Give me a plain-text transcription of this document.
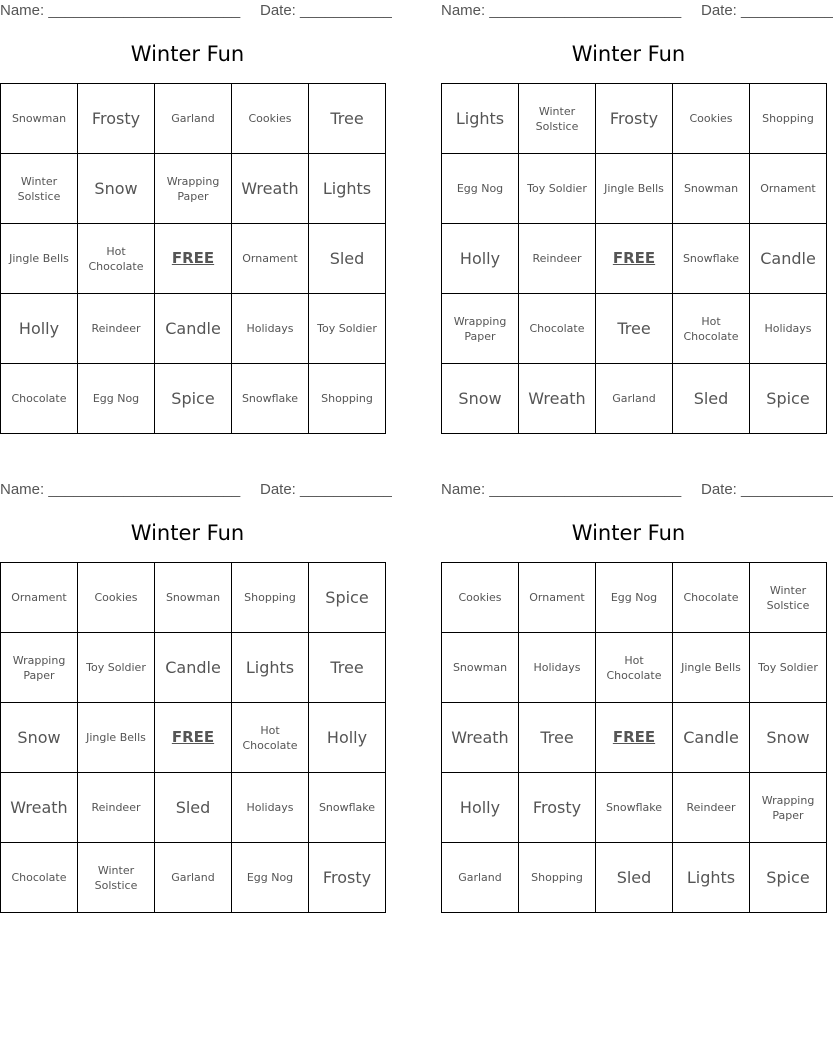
Name: _______________________ Date: ___________
Winter Fun
Snowman	Frosty	Garland	Cookies	Tree
Winter Solstice	Snow	Wrapping Paper	Wreath	Lights
Jingle Bells	Hot Chocolate	FREE	Ornament	Sled
Holly	Reindeer	Candle	Holidays	Toy Soldier
Chocolate	Egg Nog	Spice	Snowflake	Shopping
Name: _______________________ Date: ___________
Winter Fun
Lights	Winter Solstice	Frosty	Cookies	Shopping
Egg Nog	Toy Soldier	Jingle Bells	Snowman	Ornament
Holly	Reindeer	FREE	Snowflake	Candle
Wrapping Paper	Chocolate	Tree	Hot Chocolate	Holidays
Snow	Wreath	Garland	Sled	Spice
Name: _______________________ Date: ___________
Winter Fun
Ornament	Cookies	Snowman	Shopping	Spice
Wrapping Paper	Toy Soldier	Candle	Lights	Tree
Snow	Jingle Bells	FREE	Hot Chocolate	Holly
Wreath	Reindeer	Sled	Holidays	Snowflake
Chocolate	Winter Solstice	Garland	Egg Nog	Frosty
Name: _______________________ Date: ___________
Winter Fun
Cookies	Ornament	Egg Nog	Chocolate	Winter Solstice
Snowman	Holidays	Hot Chocolate	Jingle Bells	Toy Soldier
Wreath	Tree	FREE	Candle	Snow
Holly	Frosty	Snowflake	Reindeer	Wrapping Paper
Garland	Shopping	Sled	Lights	Spice
